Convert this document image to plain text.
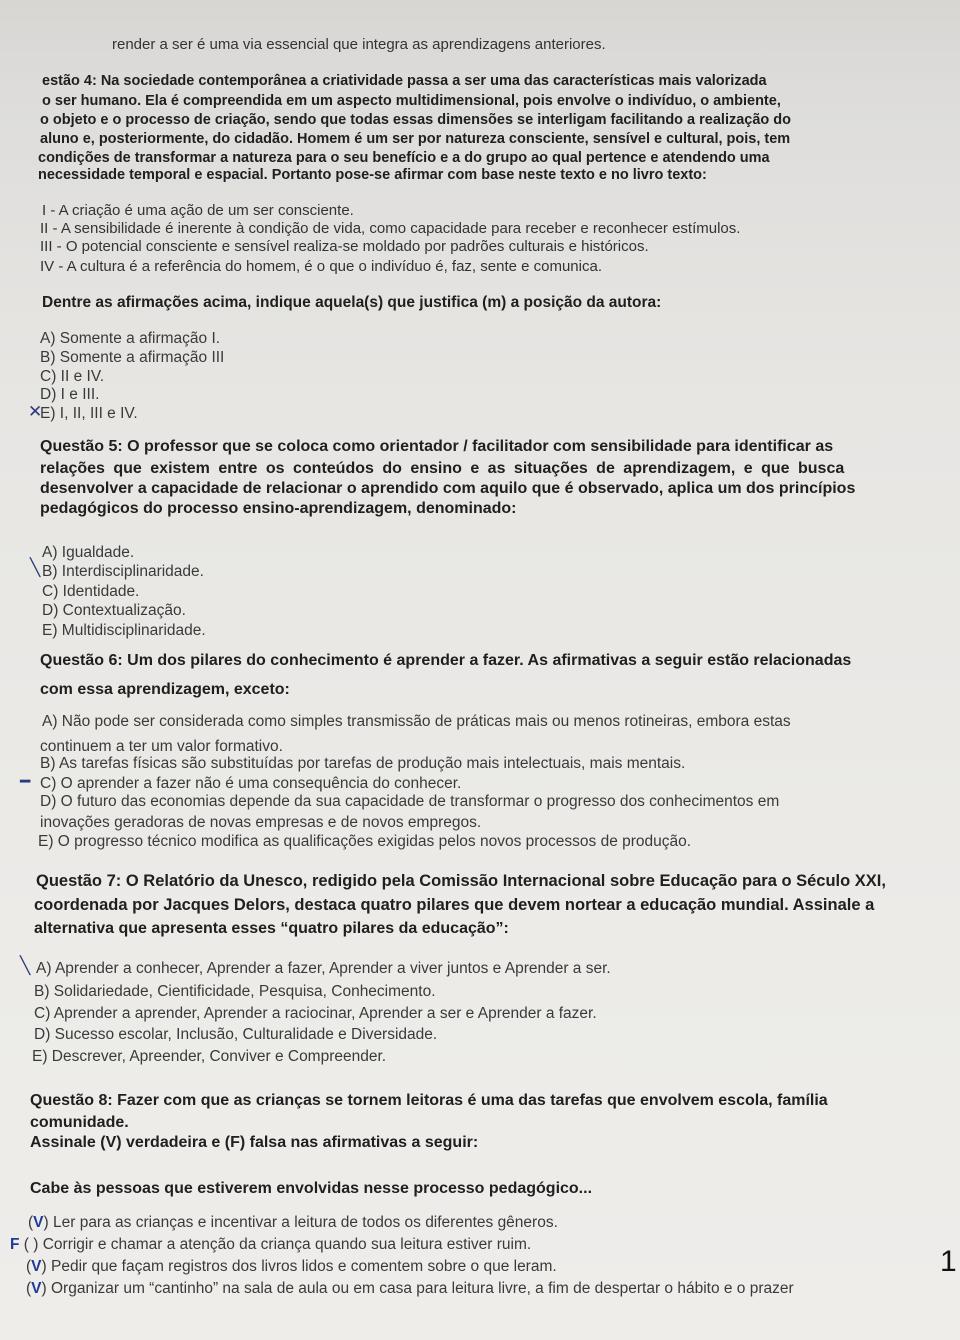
render a ser é uma via essencial que integra as aprendizagens anteriores.
estão 4: Na sociedade contemporânea a criatividade passa a ser uma das características mais valorizada
o ser humano. Ela é compreendida em um aspecto multidimensional, pois envolve o indivíduo, o ambiente,
o objeto e o processo de criação, sendo que todas essas dimensões se interligam facilitando a realização do
aluno e, posteriormente, do cidadão. Homem é um ser por natureza consciente, sensível e cultural, pois, tem
condições de transformar a natureza para o seu benefício e a do grupo ao qual pertence e atendendo uma
necessidade temporal e espacial. Portanto pose-se afirmar com base neste texto e no livro texto:
I - A criação é uma ação de um ser consciente.
II - A sensibilidade é inerente à condição de vida, como capacidade para receber e reconhecer estímulos.
III - O potencial consciente e sensível realiza-se moldado por padrões culturais e históricos.
IV - A cultura é a referência do homem, é o que o indivíduo é, faz, sente e comunica.
Dentre as afirmações acima, indique aquela(s) que justifica (m) a posição da autora:
A) Somente a afirmação I.
B) Somente a afirmação III
C) II e IV.
D) I e III.
E) I, II, III e IV.
✕
Questão 5: O professor que se coloca como orientador / facilitador com sensibilidade para identificar as
relações que existem entre os conteúdos do ensino e as situações de aprendizagem, e que busca
desenvolver a capacidade de relacionar o aprendido com aquilo que é observado, aplica um dos princípios
pedagógicos do processo ensino-aprendizagem, denominado:
A) Igualdade.
B) Interdisciplinaridade.
C) Identidade.
D) Contextualização.
E) Multidisciplinaridade.
╲
Questão 6: Um dos pilares do conhecimento é aprender a fazer. As afirmativas a seguir estão relacionadas
com essa aprendizagem, exceto:
A) Não pode ser considerada como simples transmissão de práticas mais ou menos rotineiras, embora estas
continuem a ter um valor formativo.
B) As tarefas físicas são substituídas por tarefas de produção mais intelectuais, mais mentais.
C) O aprender a fazer não é uma consequência do conhecer.
D) O futuro das economias depende da sua capacidade de transformar o progresso dos conhecimentos em
inovações geradoras de novas empresas e de novos empregos.
E) O progresso técnico modifica as qualificações exigidas pelos novos processos de produção.
━
Questão 7: O Relatório da Unesco, redigido pela Comissão Internacional sobre Educação para o Século XXI,
coordenada por Jacques Delors, destaca quatro pilares que devem nortear a educação mundial. Assinale a
alternativa que apresenta esses “quatro pilares da educação”:
A) Aprender a conhecer, Aprender a fazer, Aprender a viver juntos e Aprender a ser.
B) Solidariedade, Cientificidade, Pesquisa, Conhecimento.
C) Aprender a aprender, Aprender a raciocinar, Aprender a ser e Aprender a fazer.
D) Sucesso escolar, Inclusão, Culturalidade e Diversidade.
E) Descrever, Apreender, Conviver e Compreender.
╲
Questão 8: Fazer com que as crianças se tornem leitoras é uma das tarefas que envolvem escola, família
comunidade.
Assinale (V) verdadeira e (F) falsa nas afirmativas a seguir:
Cabe às pessoas que estiverem envolvidas nesse processo pedagógico...
(V) Ler para as crianças e incentivar a leitura de todos os diferentes gêneros.
F ( ) Corrigir e chamar a atenção da criança quando sua leitura estiver ruim.
(V) Pedir que façam registros dos livros lidos e comentem sobre o que leram.
(V) Organizar um “cantinho” na sala de aula ou em casa para leitura livre, a fim de despertar o hábito e o prazer
1
